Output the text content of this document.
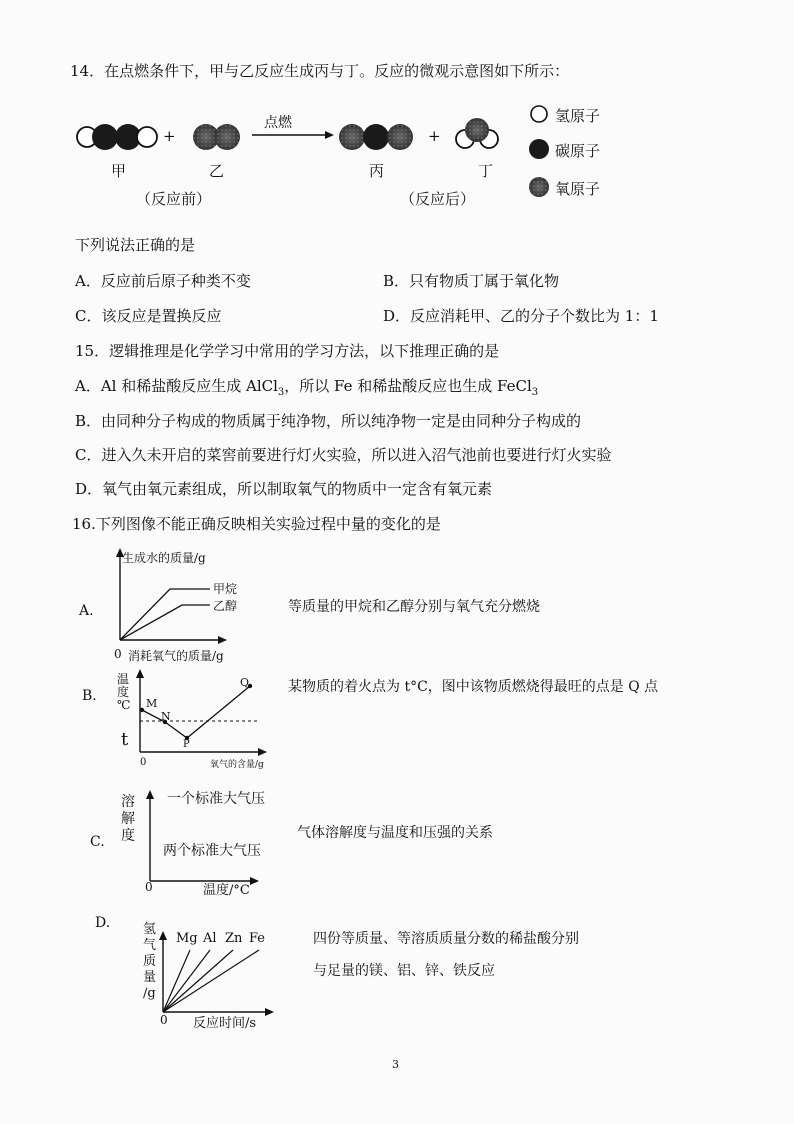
14．在点燃条件下，甲与乙反应生成丙与丁。反应的微观示意图如下所示：
点燃
+	+
甲	乙	丙	丁
（反应前）	（反应后）
氢原子
碳原子
氧原子
下列说法正确的是
A．反应前后原子种类不变	B．只有物质丁属于氧化物
C．该反应是置换反应	D．反应消耗甲、乙的分子个数比为 1：1
15．逻辑推理是化学学习中常用的学习方法，以下推理正确的是
A．Al 和稀盐酸反应生成 AlCl$_3$，所以 Fe 和稀盐酸反应也生成 FeCl$_3$
B．由同种分子构成的物质属于纯净物，所以纯净物一定是由同种分子构成的
C．进入久未开启的菜窖前要进行灯火实验，所以进入沼气池前也要进行灯火实验
D．氧气由氧元素组成，所以制取氧气的物质中一定含有氧元素
16.下列图像不能正确反映相关实验过程中量的变化的是
A.
生成水的质量/g
甲烷
乙醇
0 消耗氧气的质量/g
等质量的甲烷和乙醇分别与氧气充分燃烧
B.
温
度
℃ M
N
P
Q
t
0	氧气的含量/g
某物质的着火点为 t°C，图中该物质燃烧得最旺的点是 Q 点
C.
溶
解
度
一个标准大气压
两个标准大气压
0	温度/°C
气体溶解度与温度和压强的关系
D.	氢
气
质
量
/g
Mg Al Zn Fe
0 反应时间/s
四份等质量、等溶质质量分数的稀盐酸分别
与足量的镁、铝、锌、铁反应
3
